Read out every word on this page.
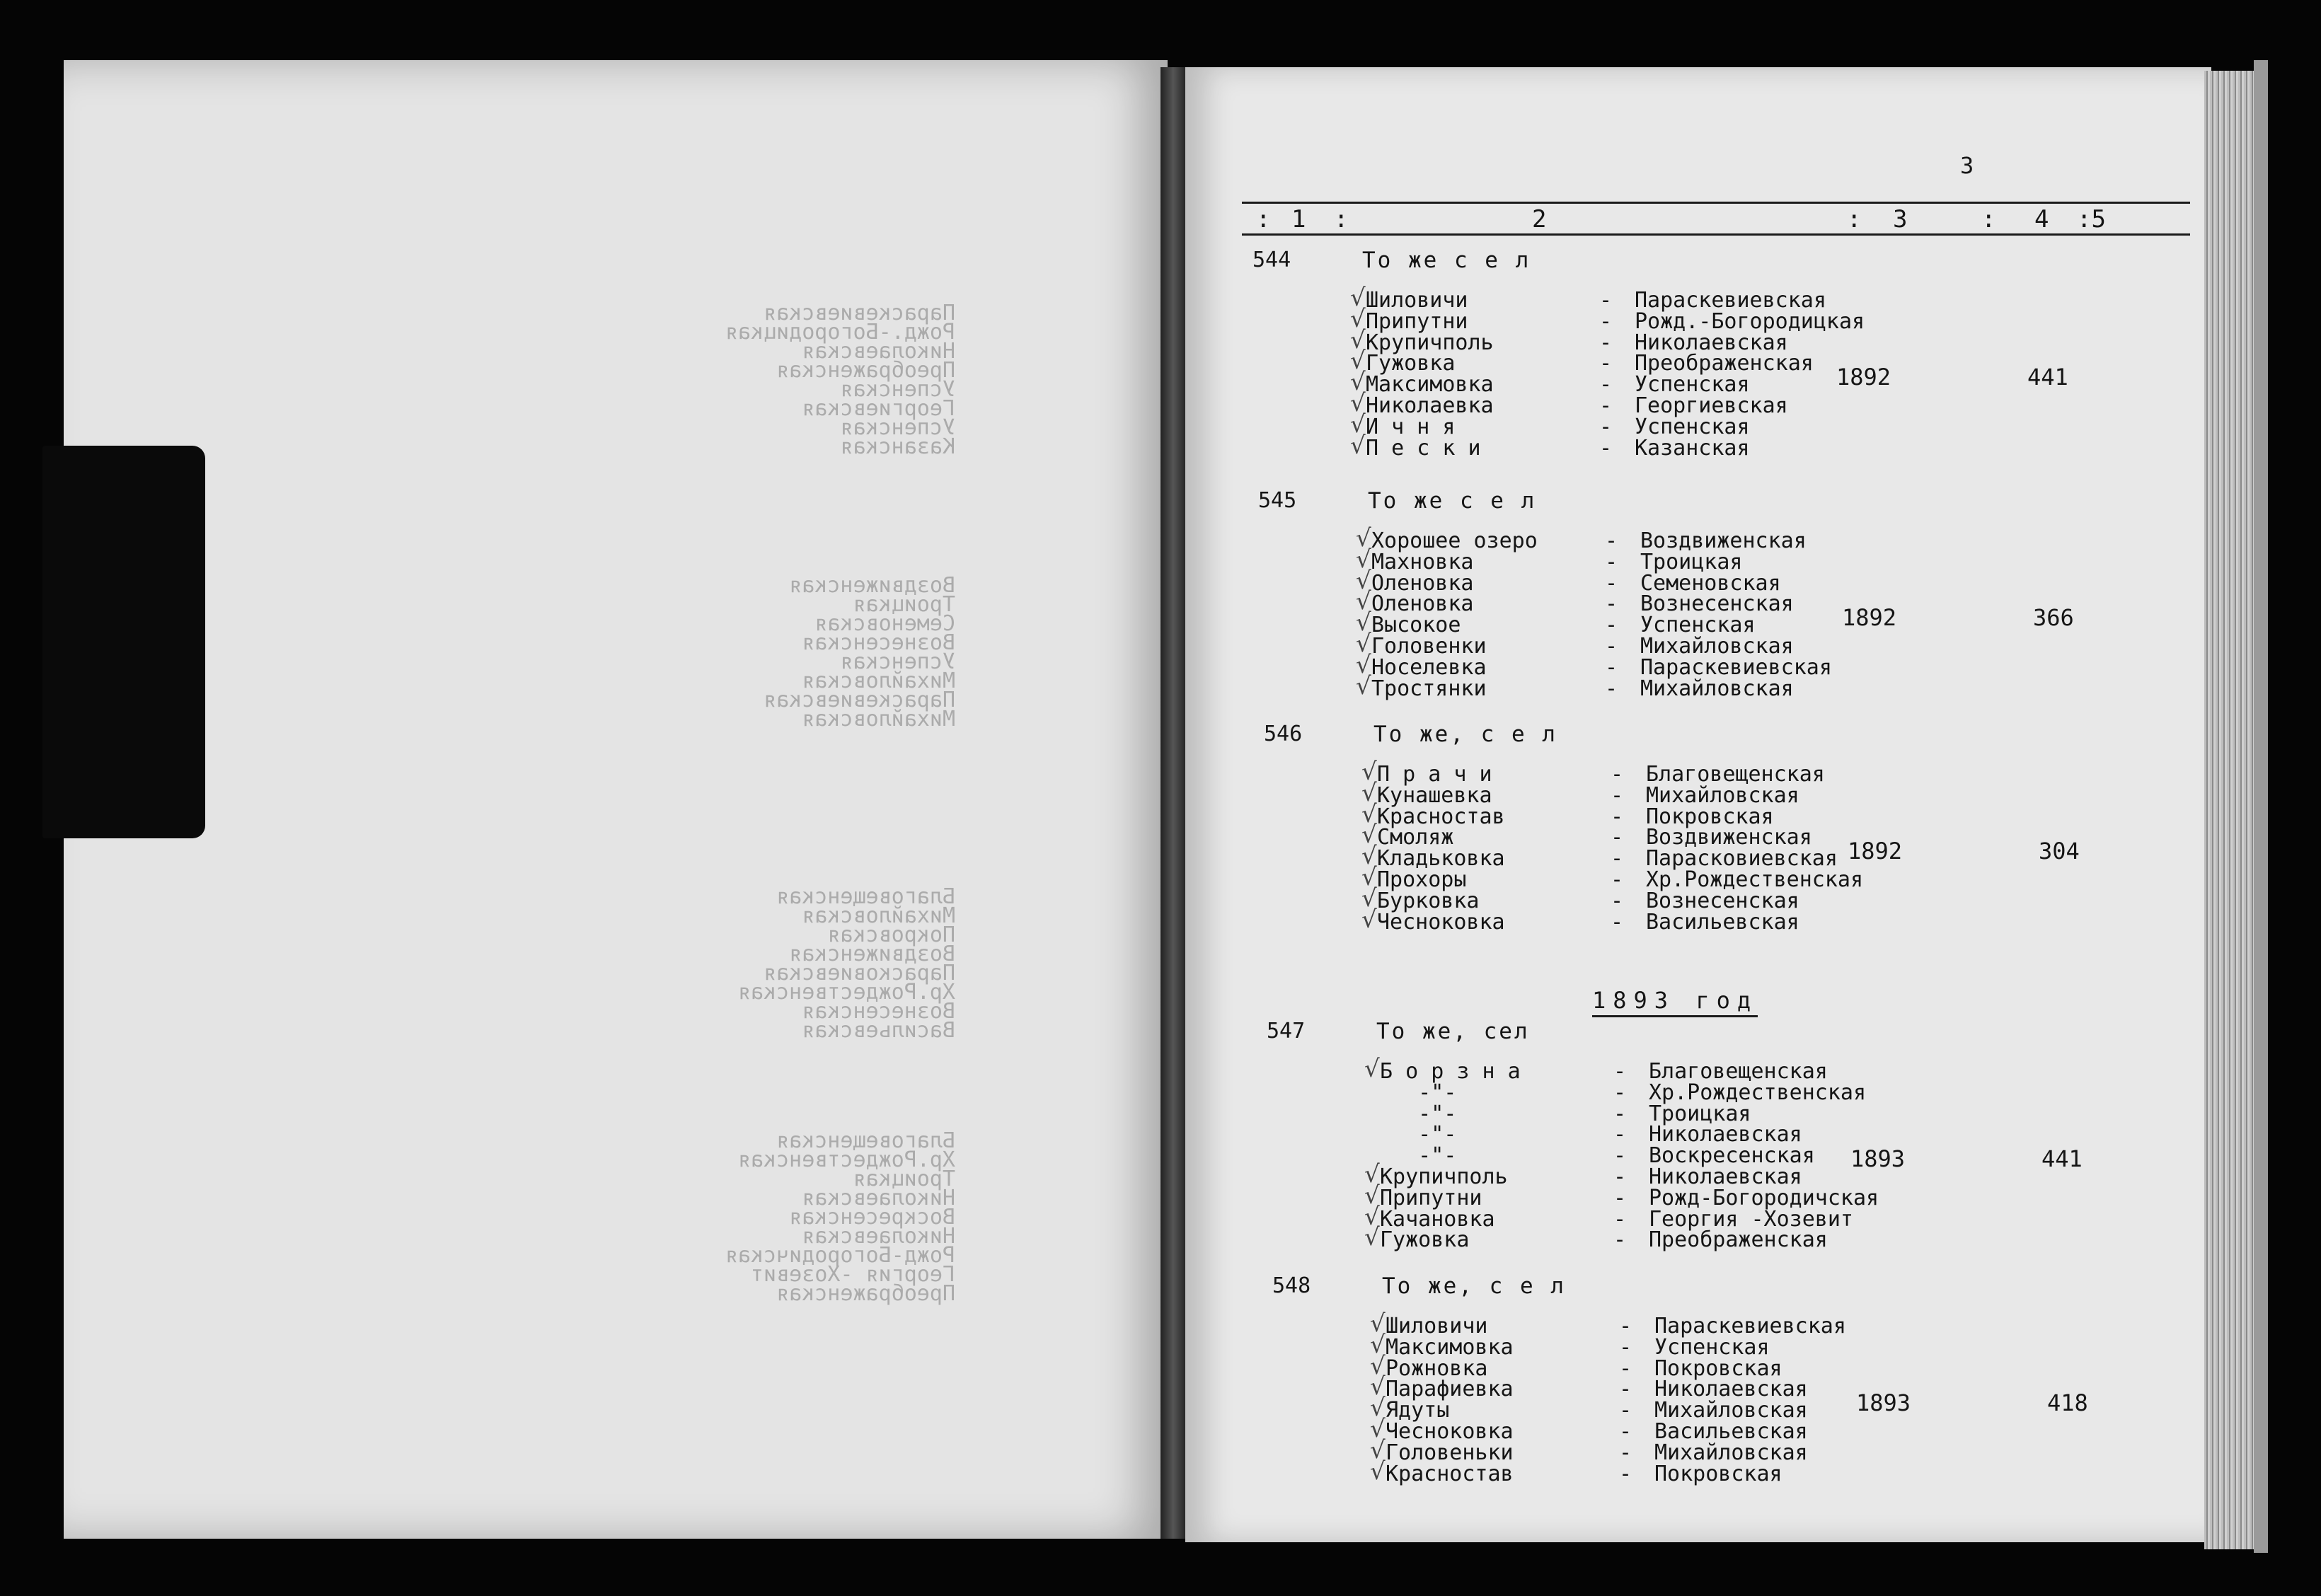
Параскевиевская
Рожд.-Богородицкая
Николаевская
Преображенская
Успенская
Георгиевская
Успенская
Казанская
Воздвиженская
Троицкая
Семеновская
Вознесенская
Успенская
Михайловская
Параскевиевская
Михайловская
Благовещенская
Михайловская
Покровская
Воздвиженская
Парасковиевская
Хр.Рождественская
Вознесенская
Васильевская
Благовещенская
Хр.Рождественская
Троицкая
Николаевская
Воскресенская
Николаевская
Рожд-Богородичская
Георгия -Хозевит
Преображенская
3
: 1 :	2	: 3	: 4 :5
544	То же с е л
√ Шиловичи	- Параскевиевская
√ Припутни	- Рожд.-Богородицкая
√ Крупичполь	- Николаевская
√ Гужовка	- Преображенская
√ Максимовка	- Успенская
√ Николаевка	- Георгиевская
√ И ч н я	- Успенская
√ П е с к и	- Казанская
1892	441
545	То же с е л
√ Хорошее озеро	- Воздвиженская
√ Махновка	- Троицкая
√ Оленовка	- Семеновская
√ Оленовка	- Вознесенская
√ Высокое	- Успенская
√ Головенки	- Михайловская
√ Носелевка	- Параскевиевская
√ Тростянки	- Михайловская
1892	366
546	То же, с е л
√ П р а ч и	- Благовещенская
√ Кунашевка	- Михайловская
√ Красностав	- Покровская
√ Смоляж	- Воздвиженская
√ Кладьковка	- Парасковиевская
√ Прохоры	- Хр.Рождественская
√ Бурковка	- Вознесенская
√ Чесноковка	- Васильевская
1892	304
547	То же, сел
√ Б о р з н а	- Благовещенская
-"-	- Хр.Рождественская
-"-	- Троицкая
-"-	- Николаевская
-"-	- Воскресенская
√ Крупичполь	- Николаевская
√ Припутни	- Рожд-Богородичская
√ Качановка	- Георгия -Хозевит
√ Гужовка	- Преображенская
1893	441
548	То же, с е л
√ Шиловичи	- Параскевиевская
√ Максимовка	- Успенская
√ Рожновка	- Покровская
√ Парафиевка	- Николаевская
√ Ядуты	- Михайловская
√ Чесноковка	- Васильевская
√ Головеньки	- Михайловская
√ Красностав	- Покровская
1893	418
1893 год
